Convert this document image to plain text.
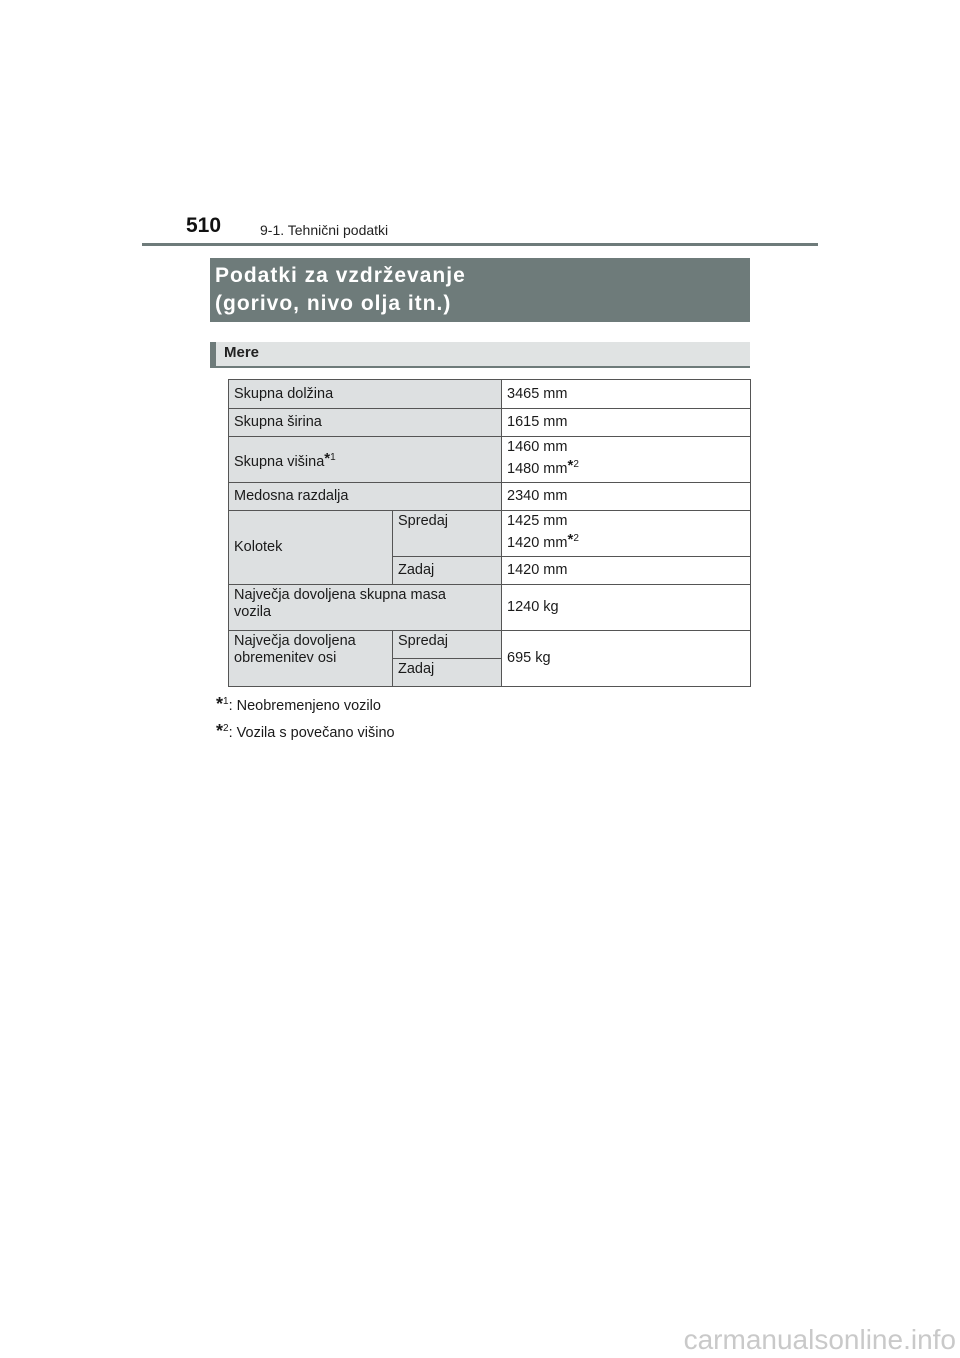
510	9-1. Tehnični podatki
Podatki za vzdrževanje
(gorivo, nivo olja itn.)
Mere
Skupna dolžina		3465 mm
Skupna širina		1615 mm
Skupna višina$^{*1}$		1460 mm
1480 $mm^{*2}$

Medosna razdalja		2340 mm
Kolotek	Spredaj	1425 mm
1420 $mm^{*2}$

	Zadaj	1420 mm

Največja dovoljena skupna masa
vozila		1240 kg

Največja dovoljena
obremenitev osi	Spredaj	695 kg
	Zadaj	
*$^1$: Neobremenjeno vozilo
*$^2$: Vozila s povečano višino
carmanualsonline.info
